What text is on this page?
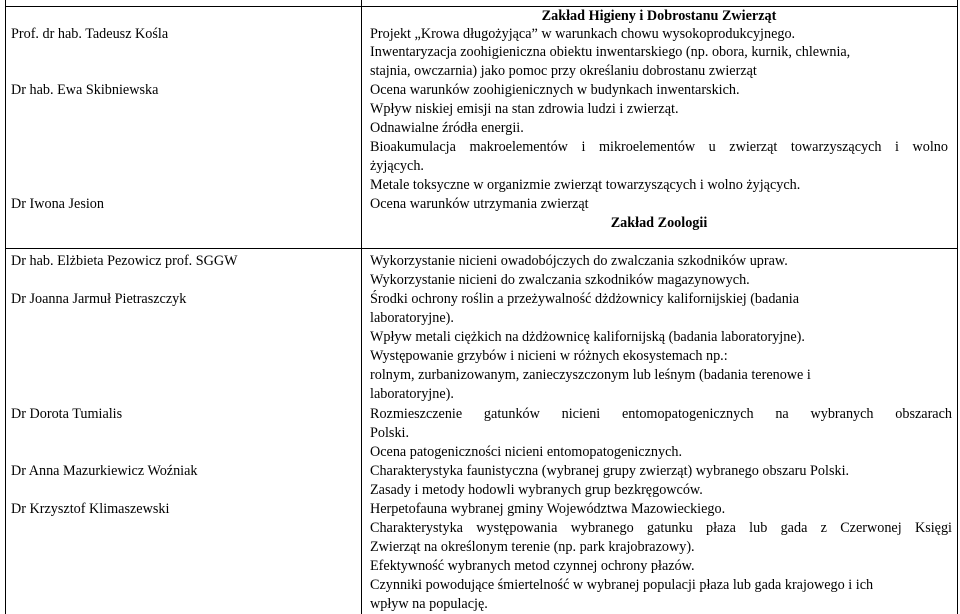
Zakład Higieny i Dobrostanu Zwierząt
Prof. dr hab. Tadeusz Kośla
Dr hab. Ewa Skibniewska
Dr Iwona Jesion
Projekt „Krowa długożyjąca” w warunkach chowu wysokoprodukcyjnego.
Inwentaryzacja zoohigieniczna obiektu inwentarskiego (np. obora, kurnik, chlewnia,
stajnia, owczarnia) jako pomoc przy określaniu dobrostanu zwierząt
Ocena warunków zoohigienicznych w budynkach inwentarskich.
Wpływ niskiej emisji na stan zdrowia ludzi i zwierząt.
Odnawialne źródła energii.
Bioakumulacja makroelementów i mikroelementów u zwierząt towarzyszących i wolno
żyjących.
Metale toksyczne w organizmie zwierząt towarzyszących i wolno żyjących.
Ocena warunków utrzymania zwierząt
Zakład Zoologii
Dr hab. Elżbieta Pezowicz prof. SGGW
Dr Joanna Jarmuł Pietraszczyk
Dr Dorota Tumialis
Dr Anna Mazurkiewicz Woźniak
Dr Krzysztof Klimaszewski
Wykorzystanie nicieni owadobójczych do zwalczania szkodników upraw.
Wykorzystanie nicieni do zwalczania szkodników magazynowych.
Środki ochrony roślin a przeżywalność dżdżownicy kalifornijskiej (badania
laboratoryjne).
Wpływ metali ciężkich na dżdżownicę kalifornijską (badania laboratoryjne).
Występowanie grzybów i nicieni w różnych ekosystemach np.:
rolnym, zurbanizowanym, zanieczyszczonym lub leśnym (badania terenowe i
laboratoryjne).
Rozmieszczenie gatunków nicieni entomopatogenicznych na wybranych obszarach
Polski.
Ocena patogeniczności nicieni entomopatogenicznych.
Charakterystyka faunistyczna (wybranej grupy zwierząt) wybranego obszaru Polski.
Zasady i metody hodowli wybranych grup bezkręgowców.
Herpetofauna wybranej gminy Województwa Mazowieckiego.
Charakterystyka występowania wybranego gatunku płaza lub gada z Czerwonej Księgi
Zwierząt na określonym terenie (np. park krajobrazowy).
Efektywność wybranych metod czynnej ochrony płazów.
Czynniki powodujące śmiertelność w wybranej populacji płaza lub gada krajowego i ich
wpływ na populację.
